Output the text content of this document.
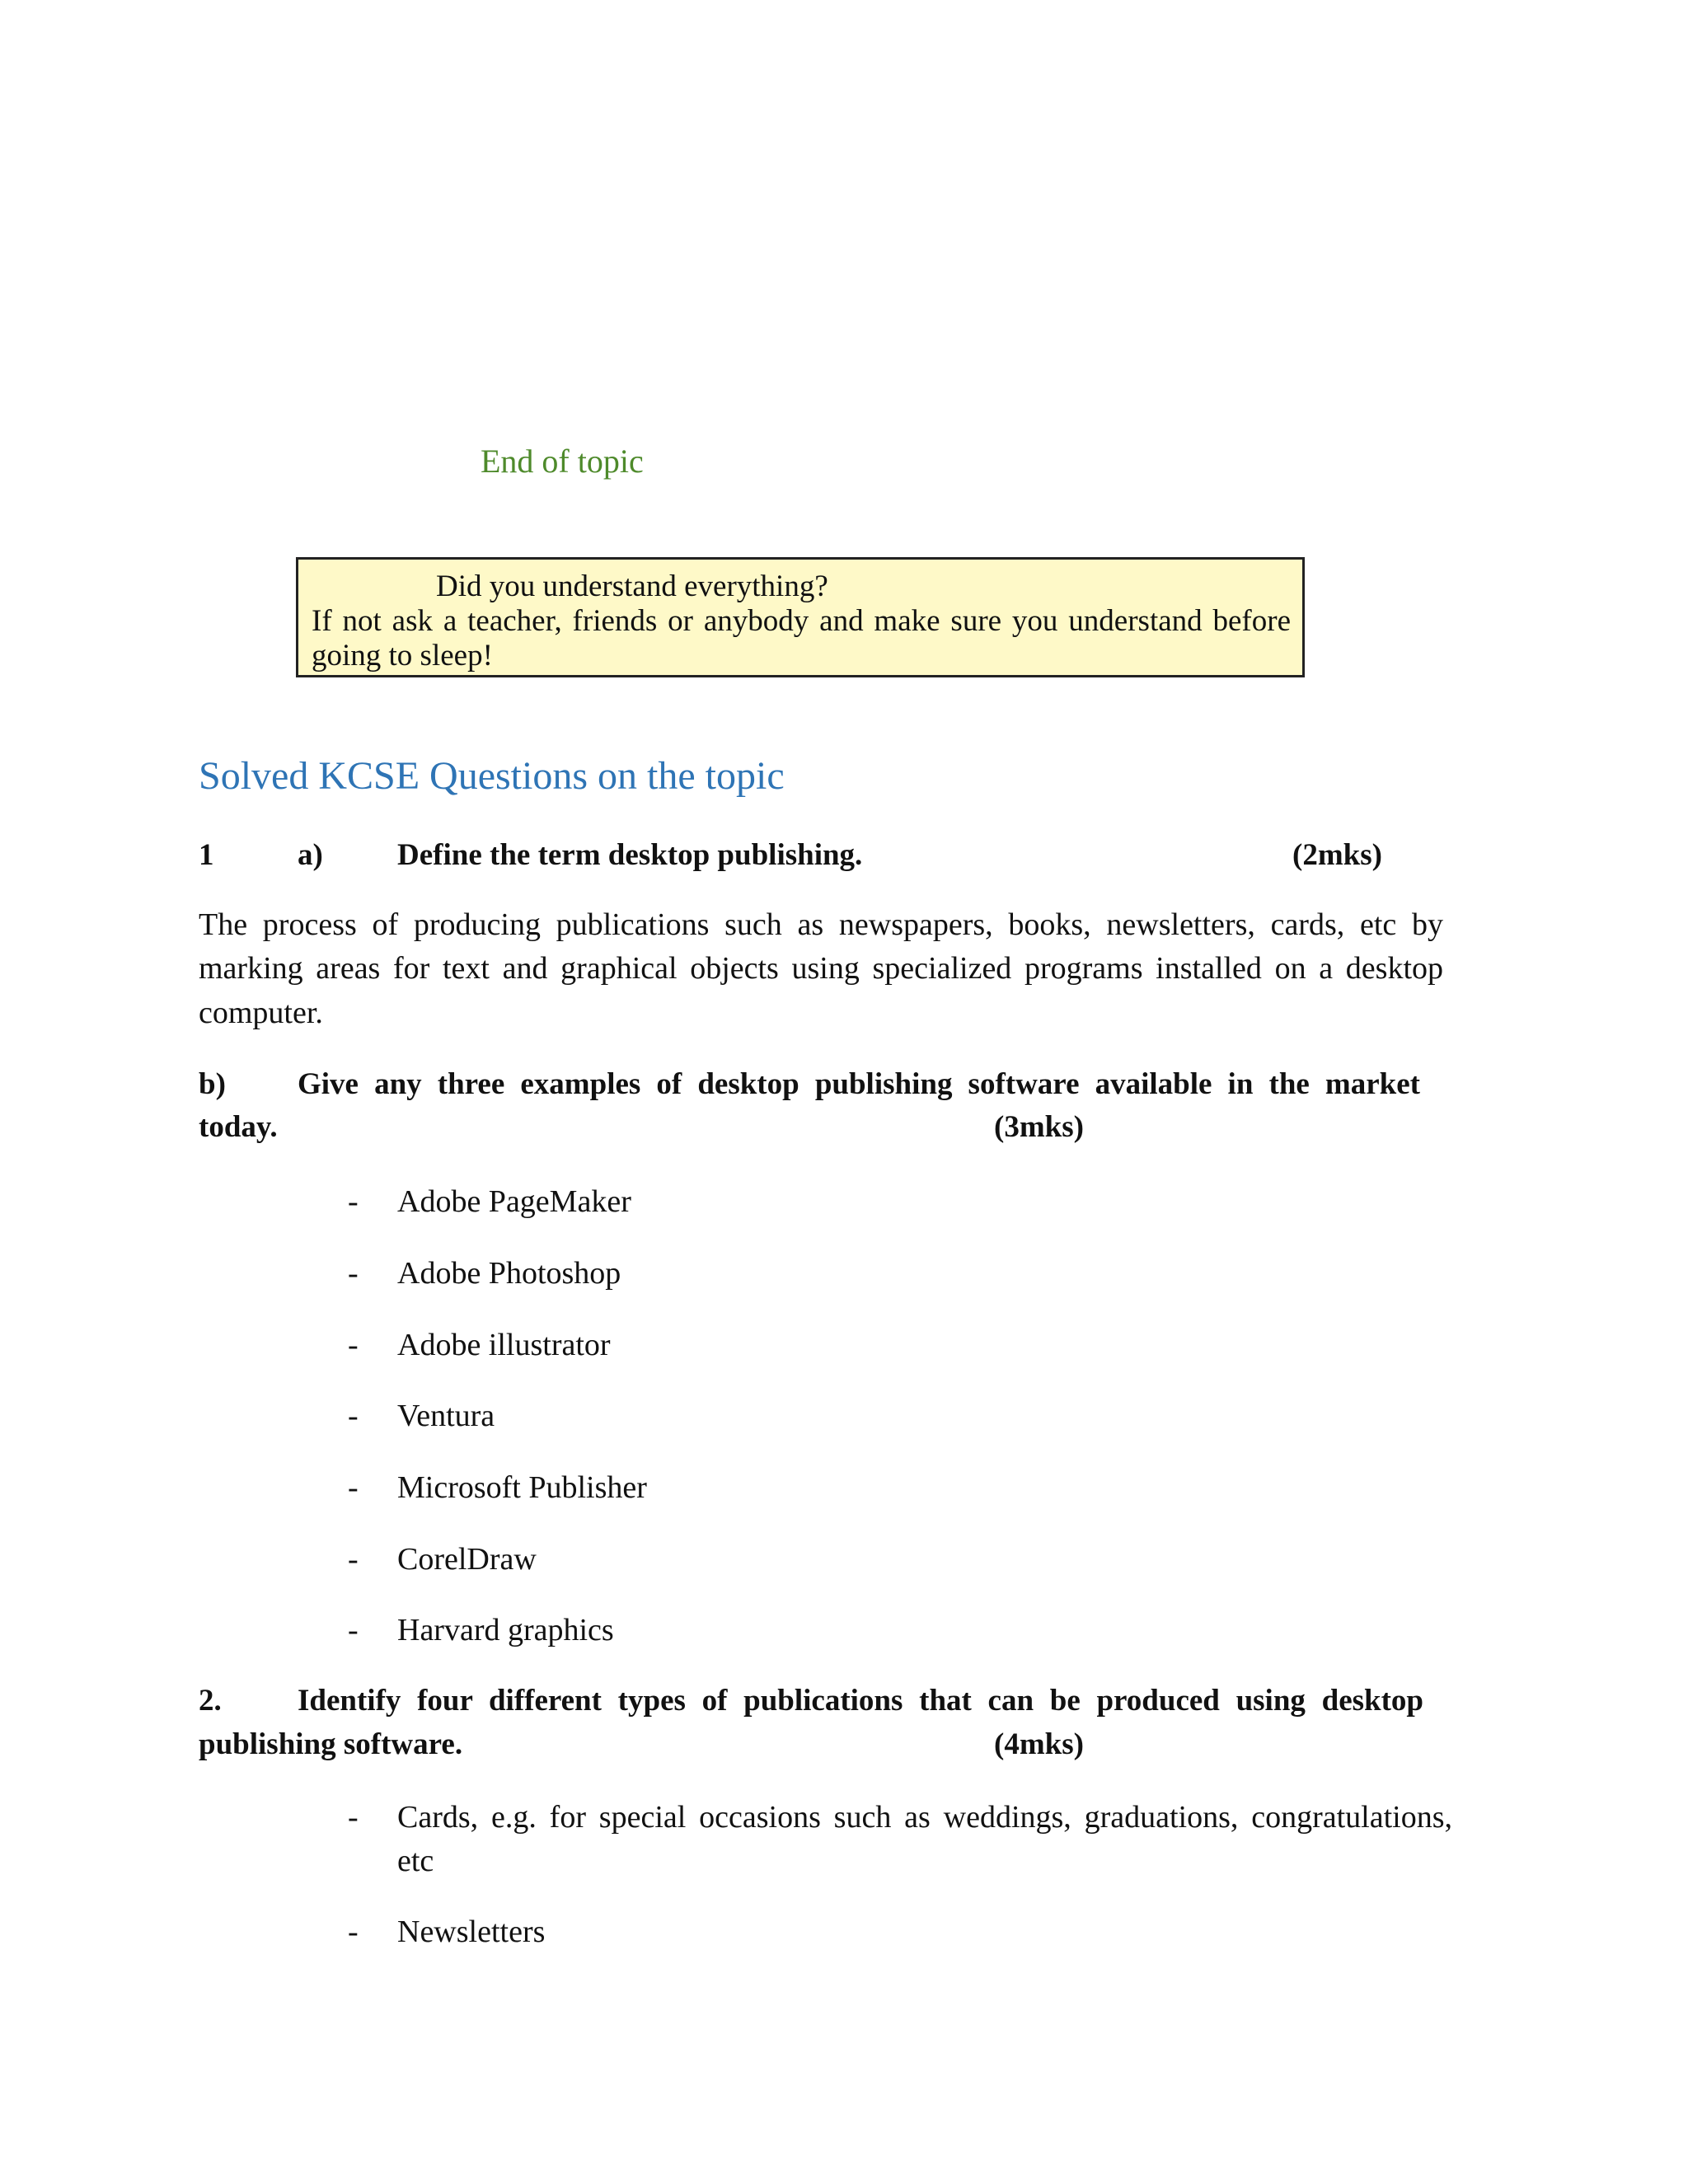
End of topic
Did you understand everything?
If not ask a teacher, friends or anybody and make sure you understand before
going to sleep!
Solved KCSE Questions on the topic
1	a) Define the term desktop publishing.	(2mks)
The process of producing publications such as newspapers, books, newsletters, cards, etc by
marking areas for text and graphical objects using specialized programs installed on a desktop
computer.
b) Give any three examples of desktop publishing software available in the market
today.	(3mks)
- Adobe PageMaker
- Adobe Photoshop
- Adobe illustrator
- Ventura
- Microsoft Publisher
- CorelDraw
- Harvard graphics
2. Identify four different types of publications that can be produced using desktop
publishing software.	(4mks)
- Cards, e.g. for special occasions such as weddings, graduations, congratulations,
etc
- Newsletters
